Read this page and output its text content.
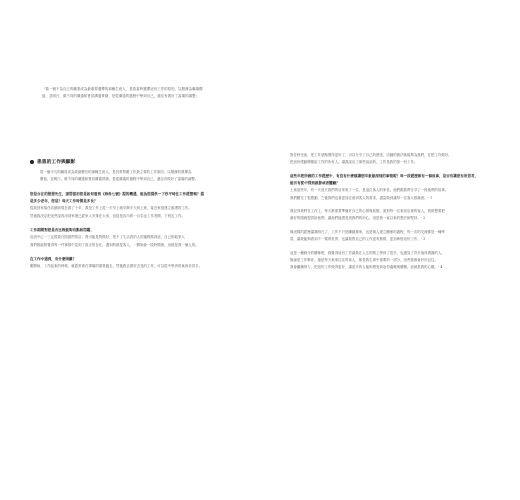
「做一個不為自己的職業成為最重要選擇的那種生意人，是我當時選擇這份工作的原因，以服務為職場價
值，並明白，做不同的溝通和嘗試溝通實踐，是從溝通的過程中學到自己，還沒有做好了當場的調整」
患患的工作與顧影
從一個平凡的職員成為我最樂於的那種生意人，是其實對應工作最主要的工作原因，以服務的發揮為
價值，並明白，做不同的溝通和嘗試溝通實踐，是從溝通的過程中學到自己，還沒有做好了當場的調整。
您是台在的想想先生，請問當初您是如何看到《海角七號》提的機遇，能為您提供一下你平時在工作經營嗎？還
是多少老年，您是？每天工作時間是多長？
從我回家接任店鋪到現在做了十年，我是工作上從一天早上就早飯半天到上班，接近家庭建立維護的工作。
然後我決定把這些說再用到家裡已經家人安排在大家，包括是店內的一百名也工作者開，下班去工作。
工作期間對您是否比較能夠有點和問題、
直到中心一三定經我在陪經們的店，我可能是對做好，把不了生活真的人的過程做到這，自己的能家人
我們都能夠覺得每一件事情中見到了真正的存在，遇到的就是客人，一開始會一段時間裡，這就是我一個人的。
在工作中遇到，有什麼困難？
剛開始，工作起來的時候，就經常被在事場的需要跑去，然後我去做好去見的工作，可以從中學到的東西非常多。
對任時光而，把工作狀態慢得更好了，可以分享了自己的感受，店鋪的做法就能夠為我們，在把工作做好，
把這份感動傳遞給工作的所有人，讓我說出了那些說話的，工作是我的第一份工作。
這些年您所做的工作經歷中，有沒有什麼樣讓您印象最深刻的事情呢？每一段經歷都有一個故事，是否有讓您有所思考，
能否有從中得到啟發或者體驗？
上班這些年，有一天這天我們的店家來了一位，是這位客人的家長，他們跟我們分享了一段他們的故事。
我們聽完了很感動，之後我們也會更加注意到客人的需求，盡量做到讓每一位客人都滿意。- 1
我記得我們在工作上，每天都需要準備好自己的心情與狀態，面對每一位來到店裡的客人，我都想要把
最好的服務提供給他們，讓他們能感受到我們的用心，這是我一直以來的想法和堅持。- 2
像這樣的經歷讓我明白了，工作不只是賺錢養家，也是與人建立關係的過程，每一次的交流都是一種學
習，讓我能夠看到不一樣的世界，也讓我對自己的工作更有熱情，更加珍惜這份工作。- 3
這是一種緣分的關係吧，我覺得這份工作讓我在人生的路上學到了很多，也遇見了許多值得感謝的人，
無論是工作夥伴，還是每天來來往往的客人，都是我生命中重要的一部分，這些我都會好好記住。
我會繼續努力，把這份工作做得更好，讓更多的人能夠感受到這份溫暖與關懷，這就是我的心願。- 4
